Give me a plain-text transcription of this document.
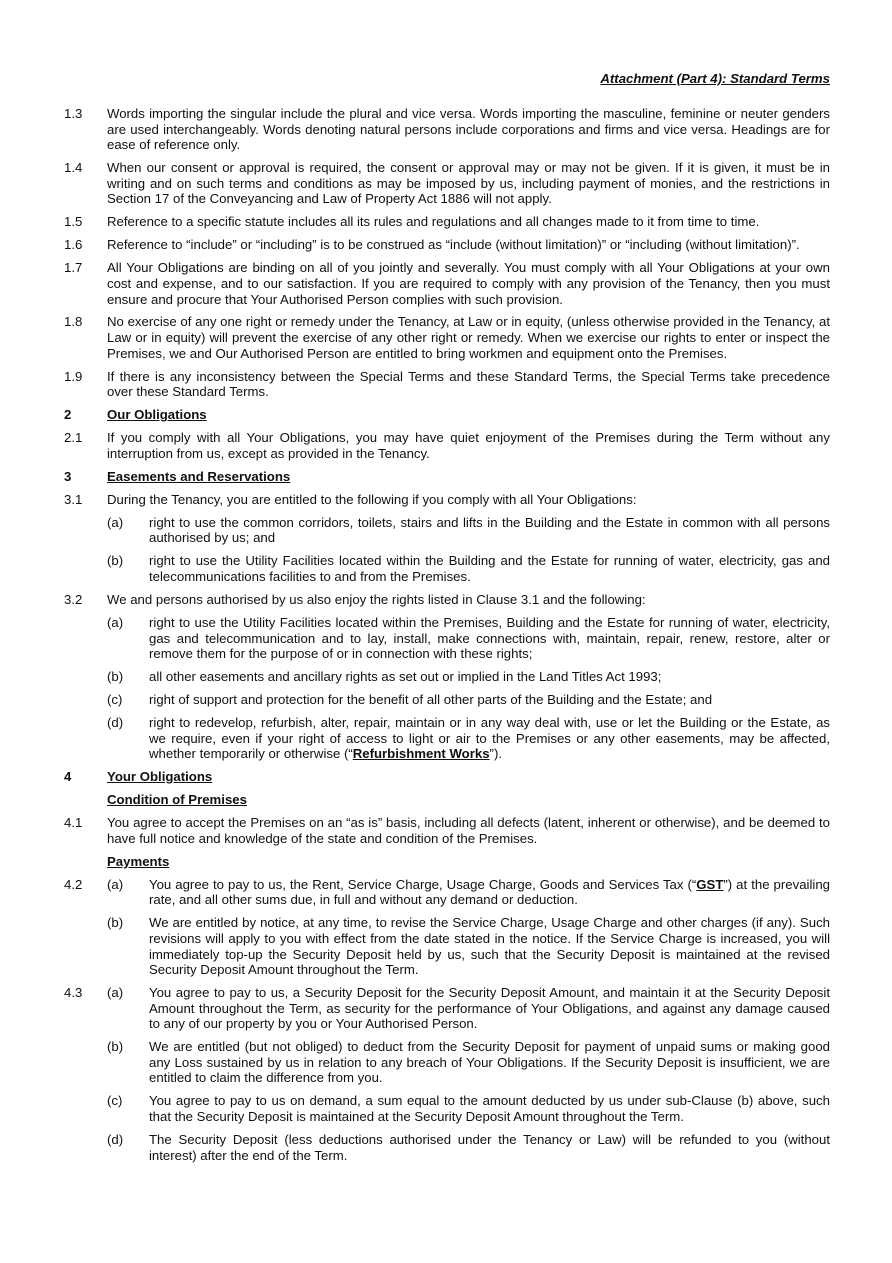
Attachment (Part 4): Standard Terms
1.3 Words importing the singular include the plural and vice versa. Words importing the masculine, feminine or neuter genders are used interchangeably. Words denoting natural persons include corporations and firms and vice versa. Headings are for ease of reference only.
1.4 When our consent or approval is required, the consent or approval may or may not be given. If it is given, it must be in writing and on such terms and conditions as may be imposed by us, including payment of monies, and the restrictions in Section 17 of the Conveyancing and Law of Property Act 1886 will not apply.
1.5 Reference to a specific statute includes all its rules and regulations and all changes made to it from time to time.
1.6 Reference to “include” or “including” is to be construed as “include (without limitation)” or “including (without limitation)”.
1.7 All Your Obligations are binding on all of you jointly and severally. You must comply with all Your Obligations at your own cost and expense, and to our satisfaction. If you are required to comply with any provision of the Tenancy, then you must ensure and procure that Your Authorised Person complies with such provision.
1.8 No exercise of any one right or remedy under the Tenancy, at Law or in equity, (unless otherwise provided in the Tenancy, at Law or in equity) will prevent the exercise of any other right or remedy. When we exercise our rights to enter or inspect the Premises, we and Our Authorised Person are entitled to bring workmen and equipment onto the Premises.
1.9 If there is any inconsistency between the Special Terms and these Standard Terms, the Special Terms take precedence over these Standard Terms.
2	Our Obligations
2.1 If you comply with all Your Obligations, you may have quiet enjoyment of the Premises during the Term without any interruption from us, except as provided in the Tenancy.
3	Easements and Reservations
3.1 During the Tenancy, you are entitled to the following if you comply with all Your Obligations:
(a) right to use the common corridors, toilets, stairs and lifts in the Building and the Estate in common with all persons authorised by us; and
(b) right to use the Utility Facilities located within the Building and the Estate for running of water, electricity, gas and telecommunications facilities to and from the Premises.
3.2 We and persons authorised by us also enjoy the rights listed in Clause 3.1 and the following:
(a) right to use the Utility Facilities located within the Premises, Building and the Estate for running of water, electricity, gas and telecommunication and to lay, install, make connections with, maintain, repair, renew, restore, alter or remove them for the purpose of or in connection with these rights;
(b) all other easements and ancillary rights as set out or implied in the Land Titles Act 1993;
(c) right of support and protection for the benefit of all other parts of the Building and the Estate; and
(d) right to redevelop, refurbish, alter, repair, maintain or in any way deal with, use or let the Building or the Estate, as we require, even if your right of access to light or air to the Premises or any other easements, may be affected, whether temporarily or otherwise (“Refurbishment Works”).
4	Your Obligations
Condition of Premises
4.1 You agree to accept the Premises on an “as is” basis, including all defects (latent, inherent or otherwise), and be deemed to have full notice and knowledge of the state and condition of the Premises.
Payments
4.2 (a) You agree to pay to us, the Rent, Service Charge, Usage Charge, Goods and Services Tax (“GST”) at the prevailing rate, and all other sums due, in full and without any demand or deduction.
(b) We are entitled by notice, at any time, to revise the Service Charge, Usage Charge and other charges (if any). Such revisions will apply to you with effect from the date stated in the notice. If the Service Charge is increased, you will immediately top-up the Security Deposit held by us, such that the Security Deposit is maintained at the revised Security Deposit Amount throughout the Term.
4.3 (a) You agree to pay to us, a Security Deposit for the Security Deposit Amount, and maintain it at the Security Deposit Amount throughout the Term, as security for the performance of Your Obligations, and against any damage caused to any of our property by you or Your Authorised Person.
(b) We are entitled (but not obliged) to deduct from the Security Deposit for payment of unpaid sums or making good any Loss sustained by us in relation to any breach of Your Obligations. If the Security Deposit is insufficient, we are entitled to claim the difference from you.
(c) You agree to pay to us on demand, a sum equal to the amount deducted by us under sub-Clause (b) above, such that the Security Deposit is maintained at the Security Deposit Amount throughout the Term.
(d) The Security Deposit (less deductions authorised under the Tenancy or Law) will be refunded to you (without interest) after the end of the Term.
